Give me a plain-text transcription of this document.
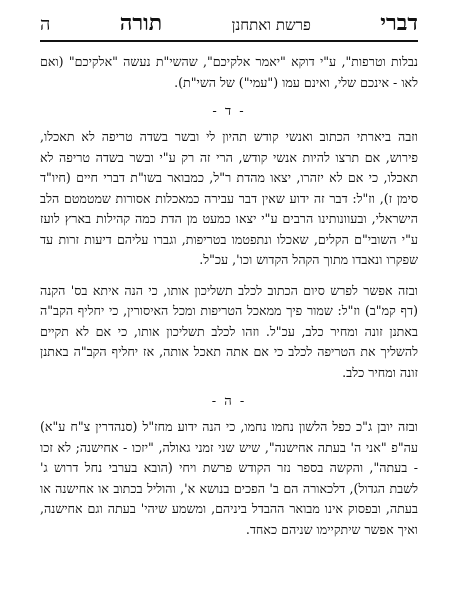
דברי
פרשת ואתחנן
תורה
ה

נבלות וטרפות", ע"י דוקא "יאמר אלקיכם", שהשי"ת נעשה "אלקיכם" (ואם לאו - אינכם שלי, ואינם עמו ("עמי") של השי"ת).

- ד -

וזבה ביארתי הכתוב ואנשי קודש תהיון לי ובשר בשדה טריפה לא תאכלו, פירוש, אם תרצו להיות אנשי קודש, הרי זה רק ע"י ובשר בשדה טריפה לא תאכלו, כי אם לא יזהרו, יצאו מהדת ר"ל, כמבואר בשו"ת דברי חיים (חיו"ד סימן ז), וז"ל: דבר זה ידוע שאין דבר עבירה כמאכלות אסורות שמטמטם הלב הישראלי, ובעוונותינו הרבים ע"י יצאו כמעט מן הדת כמה קהילות בארץ לועז ע"י השובי"ם הקלים, שאכלו ונתפטמו בטריפות, וגברו עליהם דיעות זרות עד שפקרו ונאבדו מתוך הקהל הקדוש וכו', עכ"ל.

ובזה אפשר לפרש סיום הכתוב לכלב תשליכון אותו, כי הנה איתא בס' הקנה (דף קמ"ב) וז"ל: שמור פיך ממאכל הטריפות ומכל האיסורין, כי יחליף הקב"ה באתנן זונה ומחיר כלב, עכ"ל. וזהו לכלב תשליכון אותו, כי אם לא תקיים להשליך את הטריפה לכלב כי אם אתה תאכל אותה, אז יחליף הקב"ה באתנן זונה ומחיר כלב.

- ה -

ובזה יובן ג"כ כפל הלשון נחמו נחמו, כי הנה ידוע מחז"ל (סנהדרין צ"ח ע"א) עה"פ "אני ה' בעתה אחישנה", שיש שני זמני גאולה, "יזכו - אחישנה; לא זכו - בעתה", והקשה בספר נזר הקודש פרשת ויחי (הובא בערבי נחל דרוש ג' לשבת הגדול), דלכאורה הם ב' הפכים בנושא א', והוליל בכתוב או אחישנה או בעתה, ובפסוק אינו מבואר ההבדל ביניהם, ומשמע שיהי' בעתה וגם אחישנה, ואיך אפשר שיתקיימו שניהם כאחד.
